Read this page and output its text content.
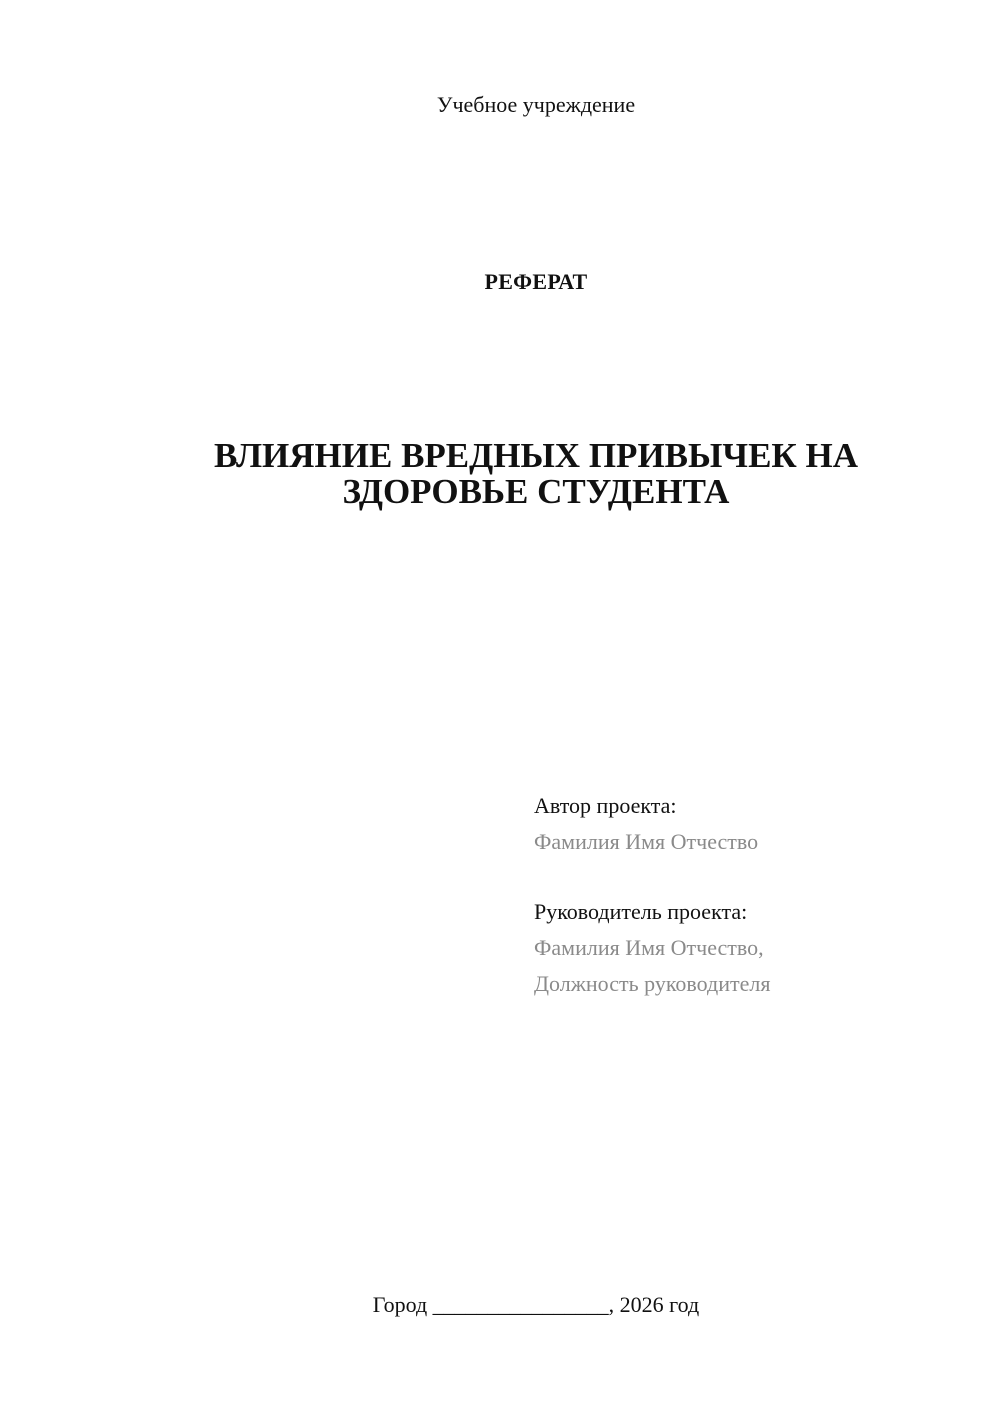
Учебное учреждение
РЕФЕРАТ
ВЛИЯНИЕ ВРЕДНЫХ ПРИВЫЧЕК НА
ЗДОРОВЬЕ СТУДЕНТА
Автор проекта:
Фамилия Имя Отчество
Руководитель проекта:
Фамилия Имя Отчество,
Должность руководителя
Город ________________, 2026 год
